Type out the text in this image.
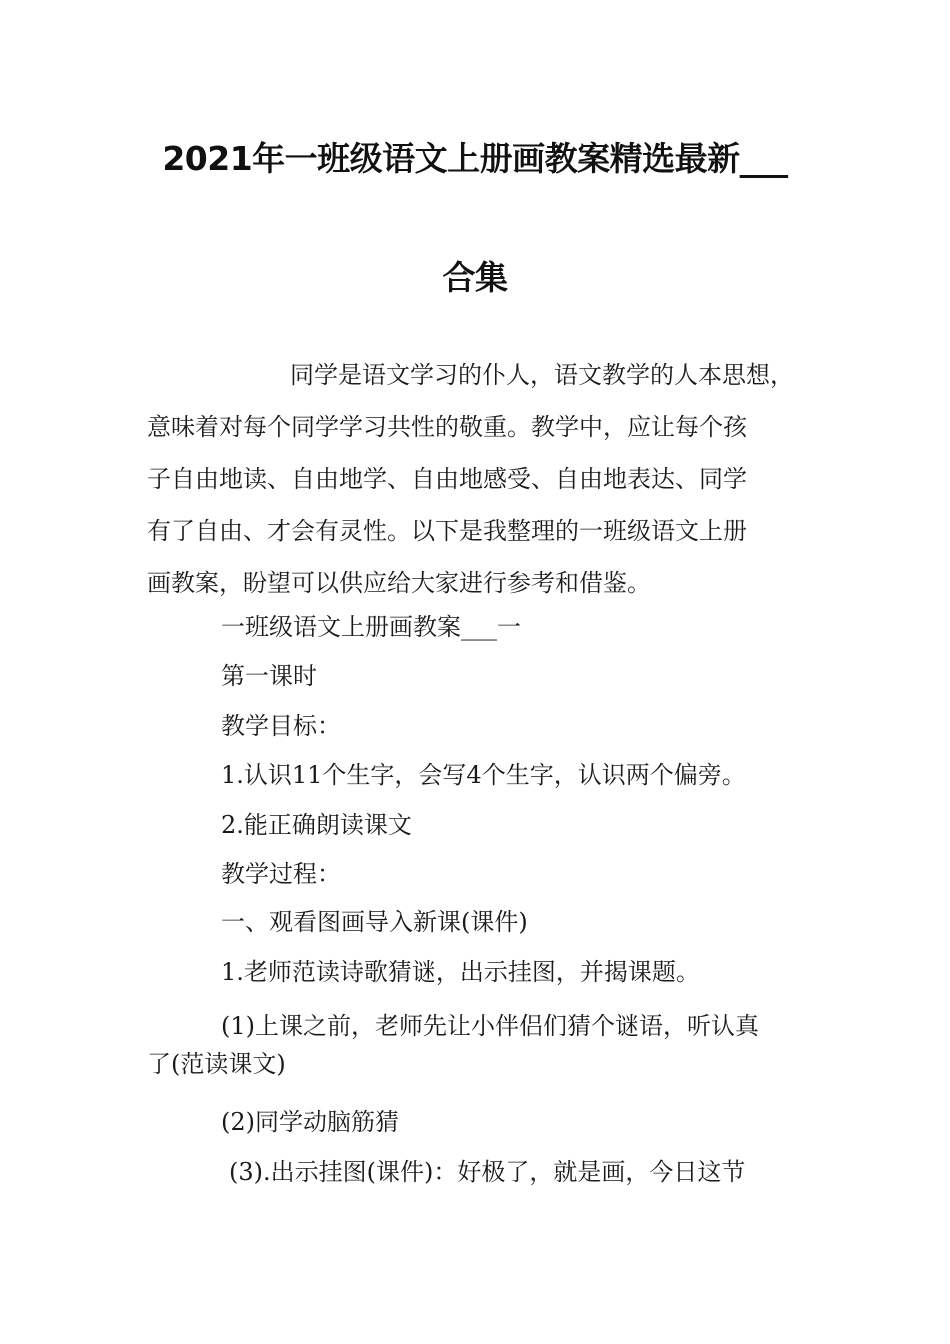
2021年一班级语文上册画教案精选最新___
合集
同学是语文学习的仆人，语文教学的人本思想，
意味着对每个同学学习共性的敬重。教学中，应让每个孩
子自由地读、自由地学、自由地感受、自由地表达、同学
有了自由、才会有灵性。以下是我整理的一班级语文上册
画教案，盼望可以供应给大家进行参考和借鉴。
一班级语文上册画教案___一
第一课时
教学目标：
1.认识11个生字，会写4个生字，认识两个偏旁。
2.能正确朗读课文
教学过程：
一、观看图画导入新课(课件)
1.老师范读诗歌猜谜，出示挂图，并揭课题。
(1)上课之前，老师先让小伴侣们猜个谜语，听认真
了(范读课文)
(2)同学动脑筋猜
(3).出示挂图(课件)：好极了，就是画，今日这节
